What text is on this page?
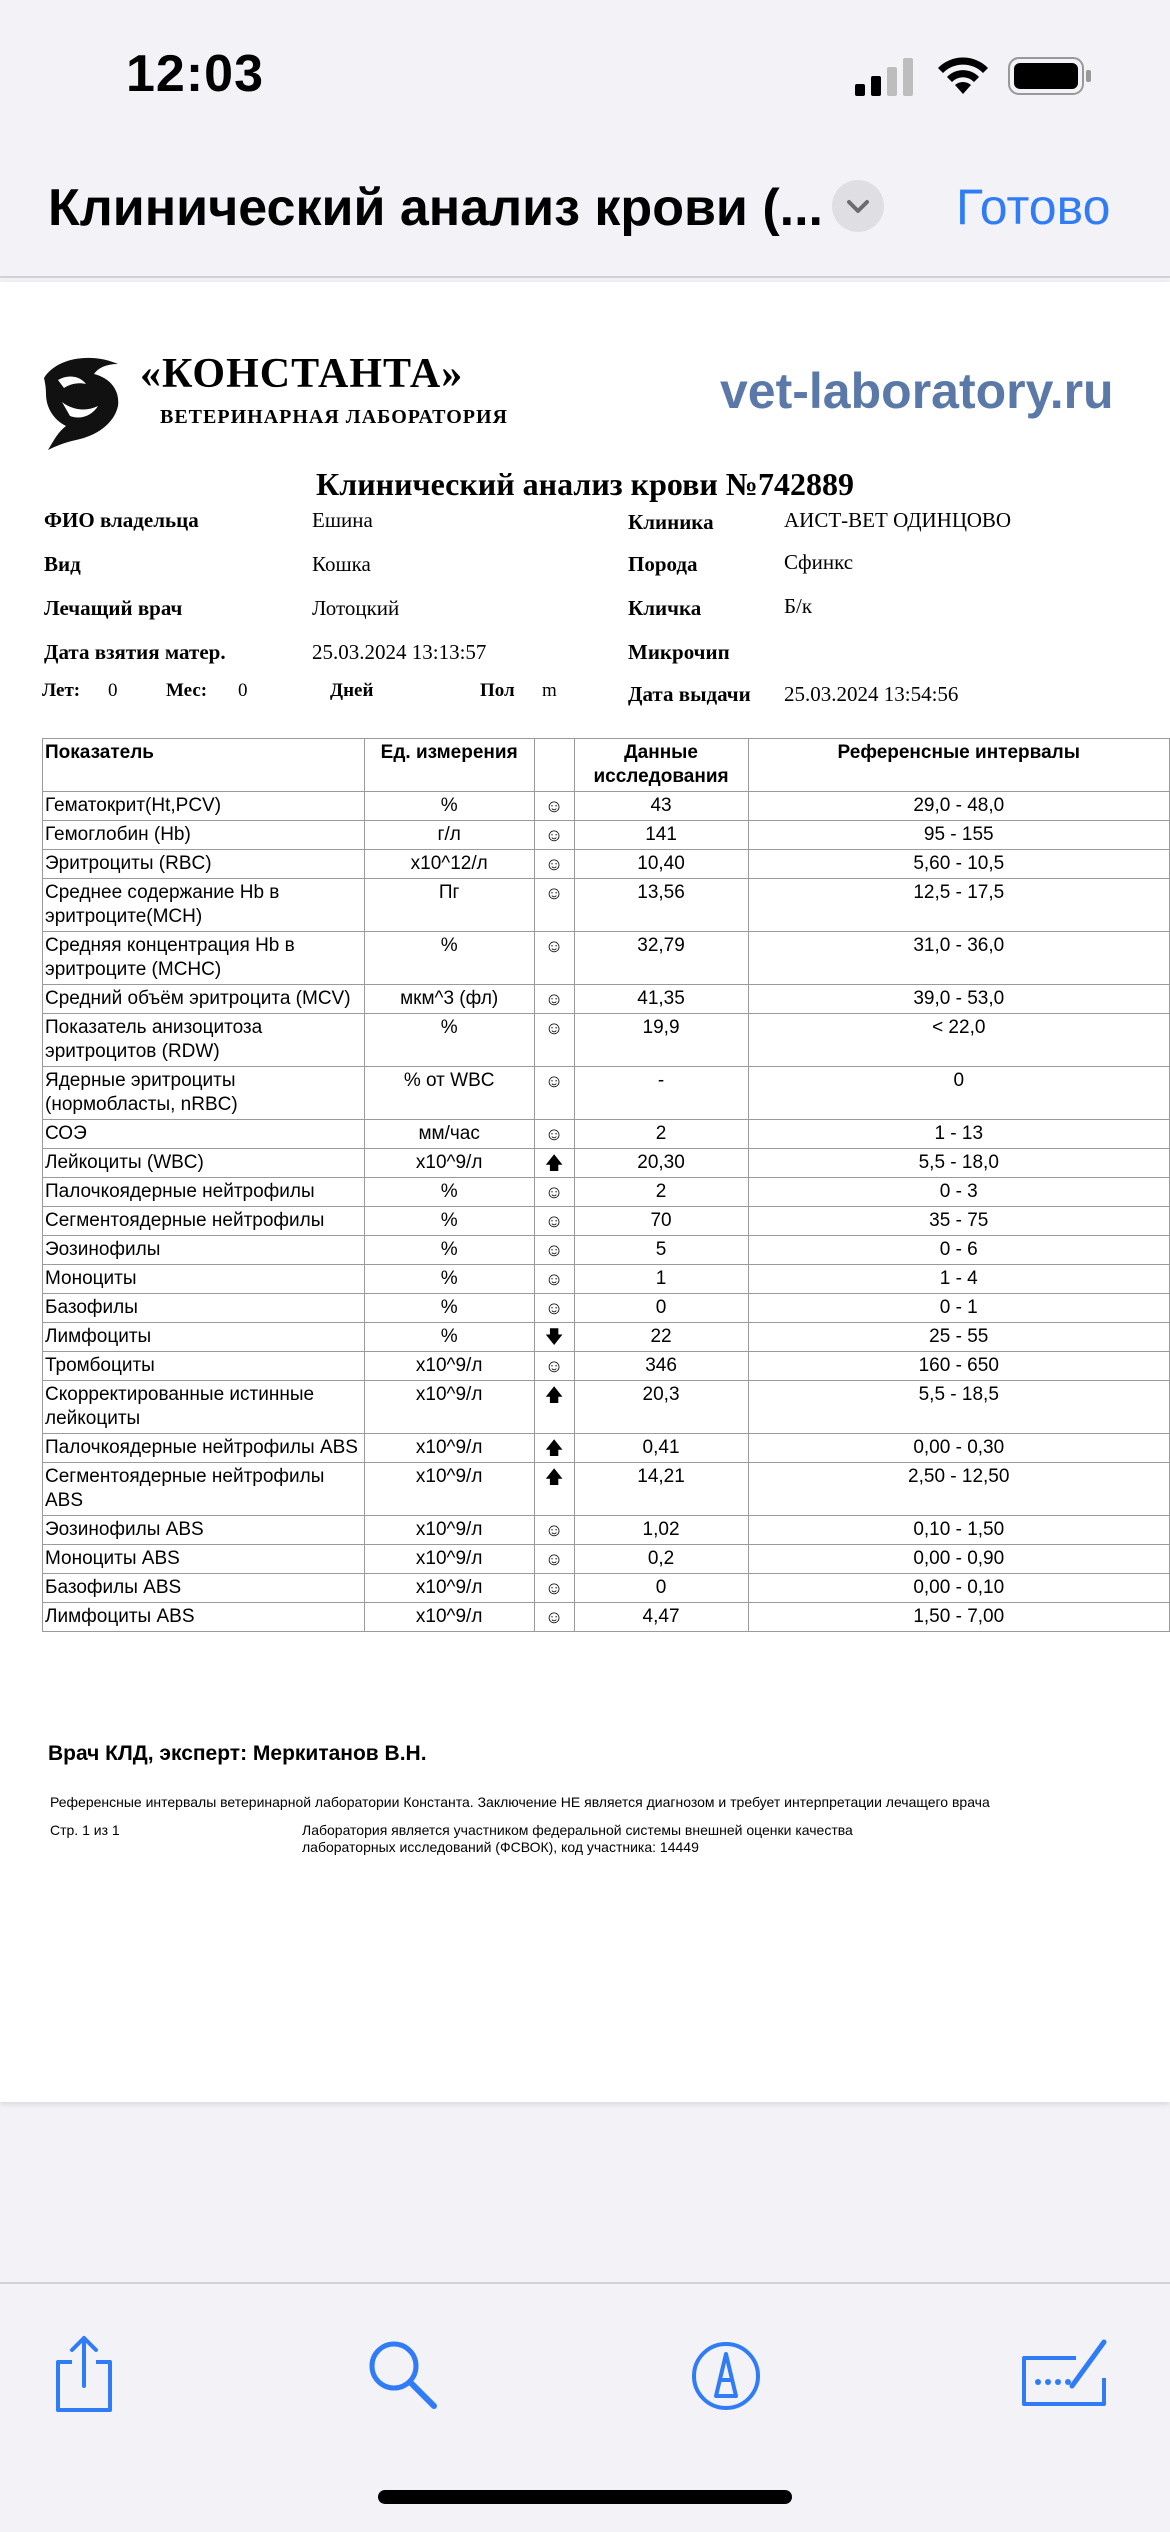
12:03
Клинический анализ крови (...	Готово
«КОНСТАНТА»
ВЕТЕРИНАРНАЯ ЛАБОРАТОРИЯ	vet-laboratory.ru
Клинический анализ крови №742889
ФИО владельца	Ешина	Клиника	АИСТ-ВЕТ ОДИНЦОВО
Вид	Кошка	Порода	Сфинкс
Лечащий врач	Лотоцкий	Кличка	Б/к
Дата взятия матер.	25.03.2024 13:13:57	Микрочип
Лет: 0	Мес: 0	Дней	Пол m	Дата выдачи 25.03.2024 13:54:56
Показатель	Ед. измерения		Данные исследования	Референсные интервалы
Гематокрит(Ht,PCV)	%	☺	43	29,0 - 48,0
Гемоглобин (Hb)	г/л	☺	141	95 - 155
Эритроциты (RBC)	x10^12/л	☺	10,40	5,60 - 10,5
Среднее содержание Hb в эритроците(MCH)	Пг	☺	13,56	12,5 - 17,5
Средняя концентрация Hb в эритроците (MCHC)	%	☺	32,79	31,0 - 36,0
Средний объём эритроцита (MCV)	мкм^3 (фл)	☺	41,35	39,0 - 53,0
Показатель анизоцитоза эритроцитов (RDW)	%	☺	19,9	< 22,0
Ядерные эритроциты (нормобласты, nRBC)	% от WBC	☺	-	0
СОЭ	мм/час	☺	2	1 - 13
Лейкоциты (WBC)	x10^9/л	🡅	20,30	5,5 - 18,0
Палочкоядерные нейтрофилы	%	☺	2	0 - 3
Сегментоядерные нейтрофилы	%	☺	70	35 - 75
Эозинофилы	%	☺	5	0 - 6
Моноциты	%	☺	1	1 - 4
Базофилы	%	☺	0	0 - 1
Лимфоциты	%	🡇	22	25 - 55
Тромбоциты	x10^9/л	☺	346	160 - 650
Скорректированные истинные лейкоциты	x10^9/л	🡅	20,3	5,5 - 18,5
Палочкоядерные нейтрофилы ABS	x10^9/л	🡅	0,41	0,00 - 0,30
Сегментоядерные нейтрофилы ABS	x10^9/л	🡅	14,21	2,50 - 12,50
Эозинофилы ABS	x10^9/л	☺	1,02	0,10 - 1,50
Моноциты ABS	x10^9/л	☺	0,2	0,00 - 0,90
Базофилы ABS	x10^9/л	☺	0	0,00 - 0,10
Лимфоциты ABS	x10^9/л	☺	4,47	1,50 - 7,00
Врач КЛД, эксперт: Меркитанов В.Н.
Референсные интервалы ветеринарной лаборатории Константа. Заключение НЕ является диагнозом и требует интерпретации лечащего врача
Стр. 1 из 1	Лаборатория является участником федеральной системы внешней оценки качества лабораторных исследований (ФСВОК), код участника: 14449
